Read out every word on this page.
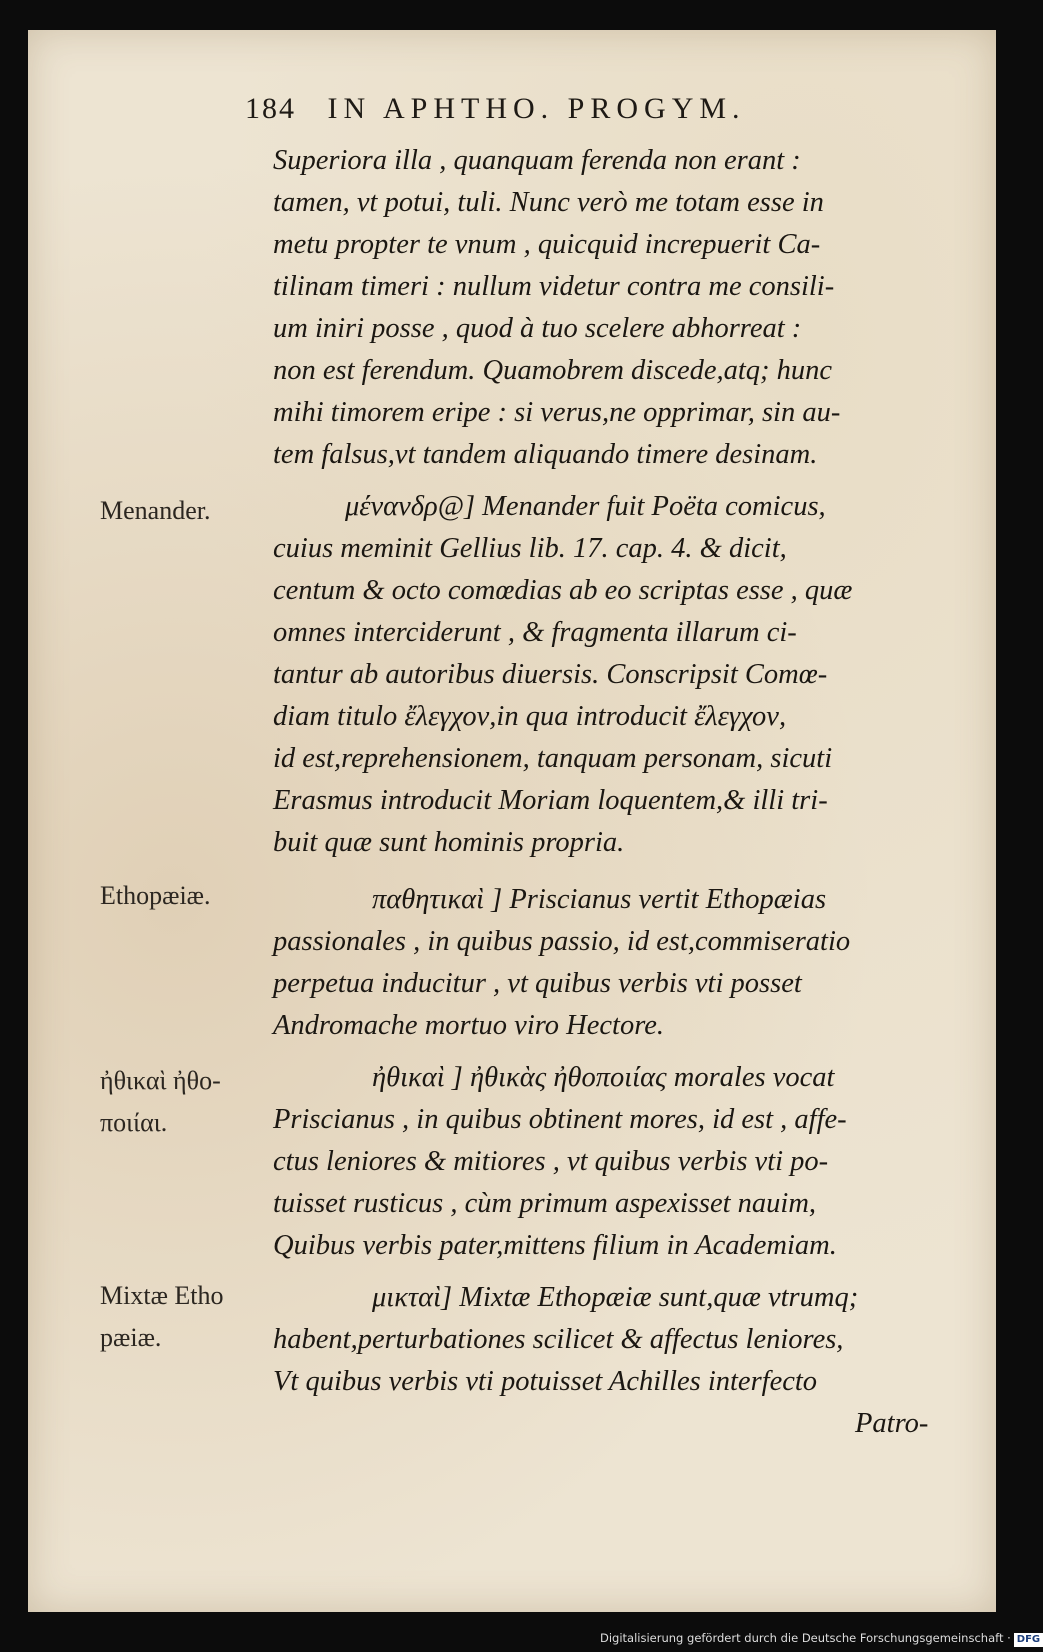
184 IN APHTHO. PROGYM.
Superiora illa , quanquam ferenda non erant :
tamen, vt potui, tuli. Nunc verò me totam esse in
metu propter te vnum , quicquid increpuerit Ca-
tilinam timeri : nullum videtur contra me consili-
um iniri posse , quod à tuo scelere abhorreat :
non est ferendum. Quamobrem discede,atq; hunc
mihi timorem eripe : si verus,ne opprimar, sin au-
tem falsus,vt tandem aliquando timere desinam.
μένανδρ@] Menander fuit Poëta comicus,
cuius meminit Gellius lib. 17. cap. 4. & dicit,
centum & octo comœdias ab eo scriptas esse , quæ
omnes interciderunt , & fragmenta illarum ci-
tantur ab autoribus diuersis. Conscripsit Comœ-
diam titulo ἔλεγχον,in qua introducit ἔλεγχον,
id est,reprehensionem, tanquam personam, sicuti
Erasmus introducit Moriam loquentem,& illi tri-
buit quæ sunt hominis propria.
παθητικαὶ ] Priscianus vertit Ethopæias
passionales , in quibus passio, id est,commiseratio
perpetua inducitur , vt quibus verbis vti posset
Andromache mortuo viro Hectore.
ἠθικαὶ ] ἠθικὰς ἠθοποιίας morales vocat
Priscianus , in quibus obtinent mores, id est , affe-
ctus leniores & mitiores , vt quibus verbis vti po-
tuisset rusticus , cùm primum aspexisset nauim,
Quibus verbis pater,mittens filium in Academiam.
μικταὶ] Mixtæ Ethopæiæ sunt,quæ vtrumq;
habent,perturbationes scilicet & affectus leniores,
Vt quibus verbis vti potuisset Achilles interfecto
Patro-
Menander.
Ethopæiæ.
ἠθικαὶ ἠθο-
ποιίαι.
Mixtæ Etho
pæiæ.
Digitalisierung gefördert durch die Deutsche Forschungsgemeinschaft · DFG
